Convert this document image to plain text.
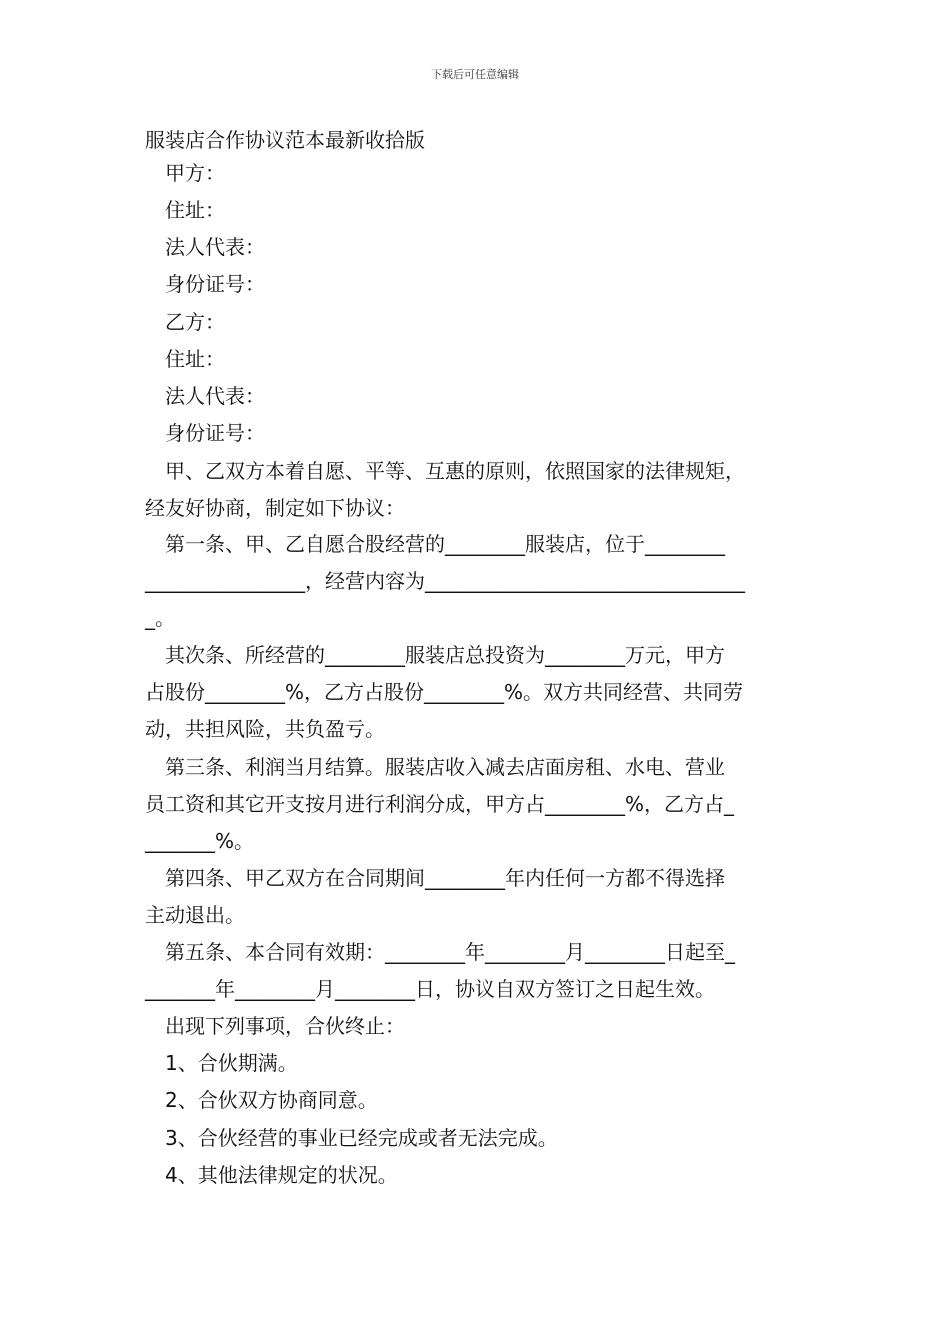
下载后可任意编辑
服装店合作协议范本最新收拾版
甲方：
住址：
法人代表：
身份证号：
乙方：
住址：
法人代表：
身份证号：
甲、乙双方本着自愿、平等、互惠的原则，依照国家的法律规矩，
经友好协商，制定如下协议：
第一条、甲、乙自愿合股经营的________服装店，位于________
________________，经营内容为________________________________
_。
其次条、所经营的________服装店总投资为________万元，甲方
占股份________%，乙方占股份________%。双方共同经营、共同劳
动，共担风险，共负盈亏。
第三条、利润当月结算。服装店收入减去店面房租、水电、营业
员工资和其它开支按月进行利润分成，甲方占________%，乙方占_
_______%。
第四条、甲乙双方在合同期间________年内任何一方都不得选择
主动退出。
第五条、本合同有效期：________年________月________日起至_
_______年________月________日，协议自双方签订之日起生效。
出现下列事项，合伙终止：
1、合伙期满。
2、合伙双方协商同意。
3、合伙经营的事业已经完成或者无法完成。
4、其他法律规定的状况。
